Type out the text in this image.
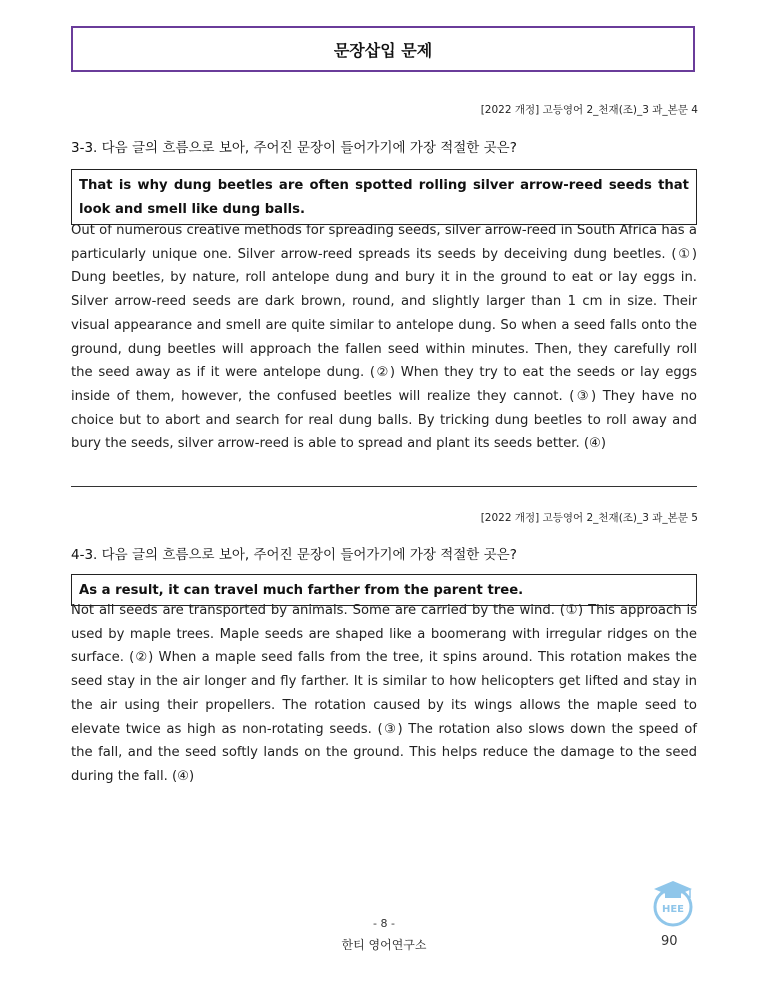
문장삽입 문제
[2022 개정] 고등영어 2_천재(조)_3 과_본문 4
3-3. 다음 글의 흐름으로 보아, 주어진 문장이 들어가기에 가장 적절한 곳은?
That is why dung beetles are often spotted rolling silver arrow-reed seeds that look and smell like dung balls.
Out of numerous creative methods for spreading seeds, silver arrow-reed in South Africa has a particularly unique one. Silver arrow-reed spreads its seeds by deceiving dung beetles. (①) Dung beetles, by nature, roll antelope dung and bury it in the ground to eat or lay eggs in. Silver arrow-reed seeds are dark brown, round, and slightly larger than 1 cm in size. Their visual appearance and smell are quite similar to antelope dung. So when a seed falls onto the ground, dung beetles will approach the fallen seed within minutes. Then, they carefully roll the seed away as if it were antelope dung. (②) When they try to eat the seeds or lay eggs inside of them, however, the confused beetles will realize they cannot. (③) They have no choice but to abort and search for real dung balls. By tricking dung beetles to roll away and bury the seeds, silver arrow-reed is able to spread and plant its seeds better. (④)
[2022 개정] 고등영어 2_천재(조)_3 과_본문 5
4-3. 다음 글의 흐름으로 보아, 주어진 문장이 들어가기에 가장 적절한 곳은?
As a result, it can travel much farther from the parent tree.
Not all seeds are transported by animals. Some are carried by the wind. (①) This approach is used by maple trees. Maple seeds are shaped like a boomerang with irregular ridges on the surface. (②) When a maple seed falls from the tree, it spins around. This rotation makes the seed stay in the air longer and fly farther. It is similar to how helicopters get lifted and stay in the air using their propellers. The rotation caused by its wings allows the maple seed to elevate twice as high as non-rotating seeds. (③) The rotation also slows down the speed of the fall, and the seed softly lands on the ground. This helps reduce the damage to the seed during the fall. (④)
- 8 -
한티 영어연구소
HEE
90
